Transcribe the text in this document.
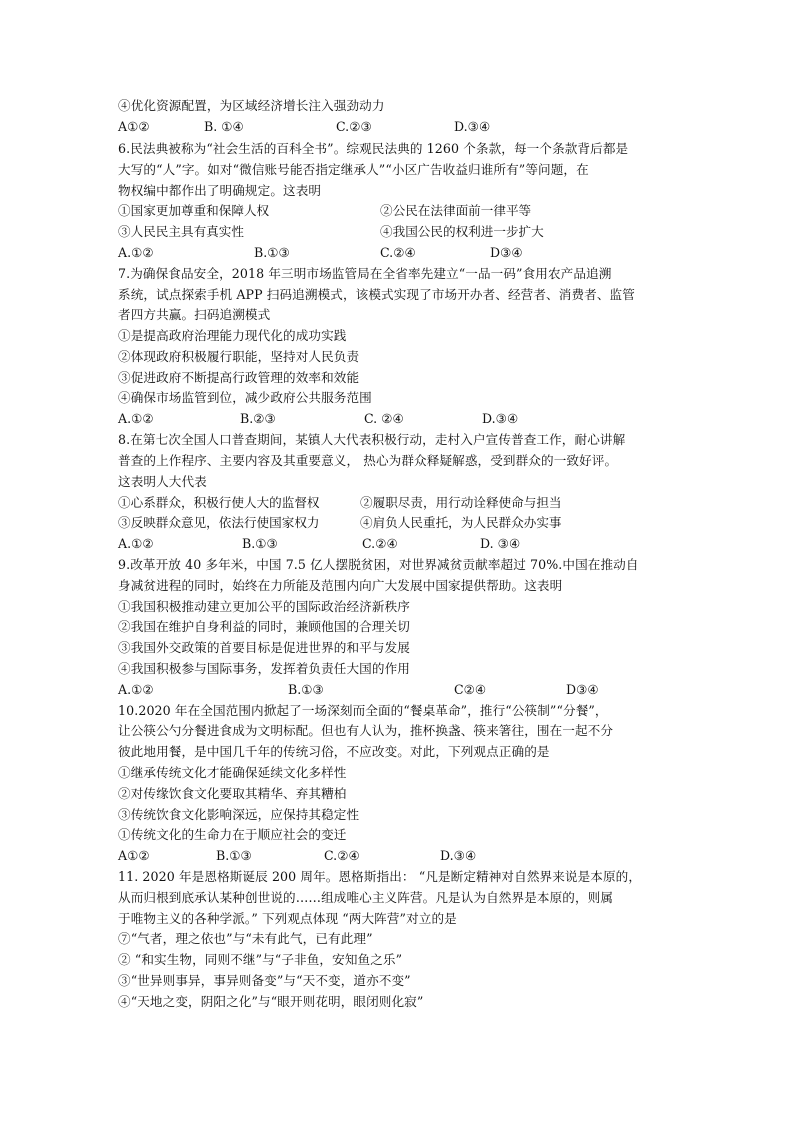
④优化资源配置，为区域经济增长注入强劲动力
A①②	B. ①④	C.②③	D.③④
6.民法典被称为“社会生活的百科全书”。综观民法典的 1260 个条款，每一个条款背后都是
大写的“人”字。如对“微信账号能否指定继承人”“小区广告收益归谁所有”等问题，在
物权编中都作出了明确规定。这表明
①国家更加尊重和保障人权	②公民在法律面前一律平等
③人民民主具有真实性	④我国公民的权利进一步扩大
A.①②	B.①③	C.②④	D③④
7.为确保食品安全，2018 年三明市场监管局在全省率先建立“一品一码”食用农产品追溯
系统，试点探索手机 APP 扫码追溯模式，该模式实现了市场开办者、经营者、消费者、监管
者四方共赢。扫码追溯模式
①是提高政府治理能力现代化的成功实践
②体现政府积极履行职能，坚持对人民负责
③促进政府不断提高行政管理的效率和效能
④确保市场监管到位，减少政府公共服务范围
A.①②	B.②③	C. ②④	D.③④
8.在第七次全国人口普查期间，某镇人大代表积极行动，走村入户宣传普查工作，耐心讲解
普查的上作程序、主要内容及其重要意义， 热心为群众释疑解惑，受到群众的一致好评。
这表明人大代表
①心系群众，积极行使人大的监督权	②履职尽责，用行动诠释使命与担当
③反映群众意见，依法行使国家权力	④肩负人民重托，为人民群众办实事
A.①②	B.①③	C.②④	D. ③④
9.改革开放 40 多年米，中国 7.5 亿人摆脱贫困，对世界减贫贡献率超过 70%.中国在推动自
身减贫进程的同时，始终在力所能及范围内向广大发展中国家提供帮助。这表明
①我国积极推动建立更加公平的国际政治经济新秩序
②我国在维护自身利益的同时，兼顾他国的合理关切
③我国外交政策的首要目标是促进世界的和平与发展
④我国积极参与国际事务，发挥着负责任大国的作用
A.①②	B.①③	C②④	D③④
10.2020 年在全国范围内掀起了一场深刻而全面的“餐桌革命”，推行“公筷制”“分餐”，
让公筷公勺分餐进食成为文明标配。但也有人认为，推杯换盏、筷来箸往，围在一起不分
彼此地用餐，是中国几千年的传统习俗，不应改变。对此，下列观点正确的是
①继承传统文化才能确保延续文化多样性
②对传缘饮食文化要取其精华、弃其糟柏
③传统饮食文化影响深远，应保持其稳定性
①传统文化的生命力在于顺应社会的变迁
A①②	B.①③	C.②④	D.③④
11. 2020 年是恩格斯诞辰 200 周年。恩格斯指出： “凡是断定精神对自然界来说是本原的，
从而归根到底承认某种创世说的……组成唯心主义阵营。凡是认为自然界是本原的，则属
于唯物主义的各种学派。” 下列观点体现 “两大阵营”对立的是
⑦“气者，理之依也”与“未有此气，已有此理”
② “和实生物，同则不继”与“子非鱼，安知鱼之乐”
③“世异则事异，事异则备变”与“天不变，道亦不变”
④“天地之变，阴阳之化”与“眼开则花明，眼闭则化寂”
